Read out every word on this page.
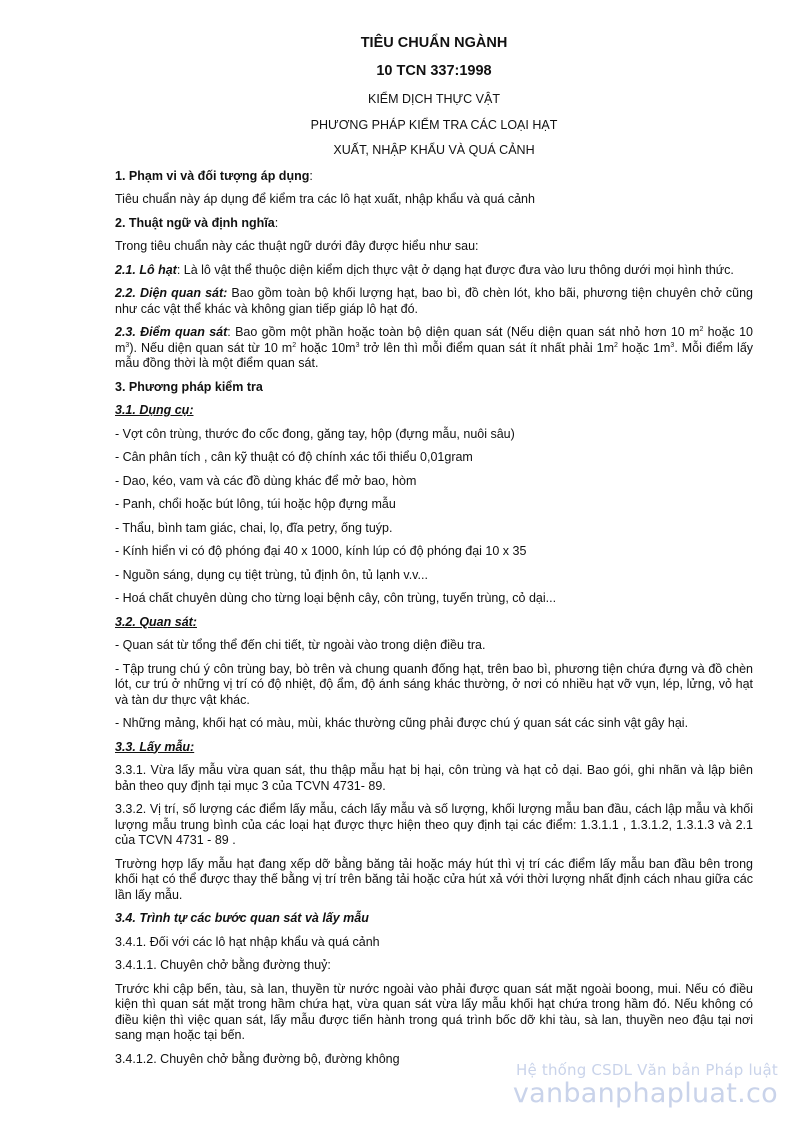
TIÊU CHUẨN NGÀNH

10 TCN 337:1998

KIỂM DỊCH THỰC VẬT

PHƯƠNG PHÁP KIỂM TRA CÁC LOẠI HẠT

XUẤT, NHẬP KHẨU VÀ QUÁ CẢNH

1. Phạm vi và đối tượng áp dụng:

Tiêu chuẩn này áp dụng để kiểm tra các lô hạt xuất, nhập khẩu và quá cảnh

2. Thuật ngữ và định nghĩa:

Trong tiêu chuẩn này các thuật ngữ dưới đây được hiểu như sau:

2.1. Lô hạt: Là lô vật thể thuộc diện kiểm dịch thực vật ở dạng hạt được đưa vào lưu thông dưới mọi hình thức.

2.2. Diện quan sát: Bao gồm toàn bộ khối lượng hạt, bao bì, đồ chèn lót, kho bãi, phương tiện chuyên chở cũng như các vật thể khác và không gian tiếp giáp lô hạt đó.

2.3. Điểm quan sát: Bao gồm một phần hoặc toàn bộ diện quan sát (Nếu diện quan sát nhỏ hơn 10 $m^2$ hoặc 10 $m^3$). Nếu diện quan sát từ 10 $m^2$ hoặc $10m^3$ trở lên thì mỗi điểm quan sát ít nhất phải $1m^2$ hoặc $1m^3$. Mỗi điểm lấy mẫu đồng thời là một điểm quan sát.

3. Phương pháp kiểm tra

3.1. Dụng cụ:

- Vợt côn trùng, thước đo cốc đong, găng tay, hộp (đựng mẫu, nuôi sâu)

- Cân phân tích , cân kỹ thuật có độ chính xác tối thiểu 0,01gram

- Dao, kéo, vam và các đồ dùng khác để mở bao, hòm

- Panh, chổi hoặc bút lông, túi hoặc hộp đựng mẫu

- Thẩu, bình tam giác, chai, lọ, đĩa petry, ống tuýp.

- Kính hiển vi có độ phóng đại 40 x 1000, kính lúp có độ phóng đại 10 x 35

- Nguồn sáng, dụng cụ tiệt trùng, tủ định ôn, tủ lạnh v.v...

- Hoá chất chuyên dùng cho từng loại bệnh cây, côn trùng, tuyến trùng, cỏ dại...

3.2. Quan sát:

- Quan sát từ tổng thể đến chi tiết, từ ngoài vào trong diện điều tra.

- Tập trung chú ý côn trùng bay, bò trên và chung quanh đống hạt, trên bao bì, phương tiện chứa đựng và đồ chèn lót, cư trú ở những vị trí có độ nhiệt, độ ẩm, độ ánh sáng khác thường, ở nơi có nhiều hạt vỡ vụn, lép, lửng, vỏ hạt và tàn dư thực vật khác.

- Những mảng, khối hạt có màu, mùi, khác thường cũng phải được chú ý quan sát các sinh vật gây hại.

3.3. Lấy mẫu:

3.3.1. Vừa lấy mẫu vừa quan sát, thu thập mẫu hạt bị hại, côn trùng và hạt cỏ dại. Bao gói, ghi nhãn và lập biên bản theo quy định tại mục 3 của TCVN 4731- 89.

3.3.2. Vị trí, số lượng các điểm lấy mẫu, cách lấy mẫu và số lượng, khối lượng mẫu ban đầu, cách lập mẫu và khối lượng mẫu trung bình của các loại hạt được thực hiện theo quy định tại các điểm: 1.3.1.1 , 1.3.1.2, 1.3.1.3 và 2.1 của TCVN 4731 - 89 .

Trường hợp lấy mẫu hạt đang xếp dỡ bằng băng tải hoặc máy hút thì vị trí các điểm lấy mẫu ban đầu bên trong khối hạt có thể được thay thế bằng vị trí trên băng tải hoặc cửa hút xả với thời lượng nhất định cách nhau giữa các lần lấy mẫu.

3.4. Trình tự các bước quan sát và lấy mẫu

3.4.1. Đối với các lô hạt nhập khẩu và quá cảnh

3.4.1.1. Chuyên chở bằng đường thuỷ:

Trước khi cập bến, tàu, sà lan, thuyền từ nước ngoài vào phải được quan sát mặt ngoài boong, mui. Nếu có điều kiện thì quan sát mặt trong hầm chứa hạt, vừa quan sát vừa lấy mẫu khối hạt chứa trong hầm đó. Nếu không có điều kiện thì việc quan sát, lấy mẫu được tiến hành trong quá trình bốc dỡ khi tàu, sà lan, thuyền neo đậu tại nơi sang mạn hoặc tại bến.

3.4.1.2. Chuyên chở bằng đường bộ, đường không

Hệ thống CSDL Văn bản Pháp luật
vanbanphapluat.co
